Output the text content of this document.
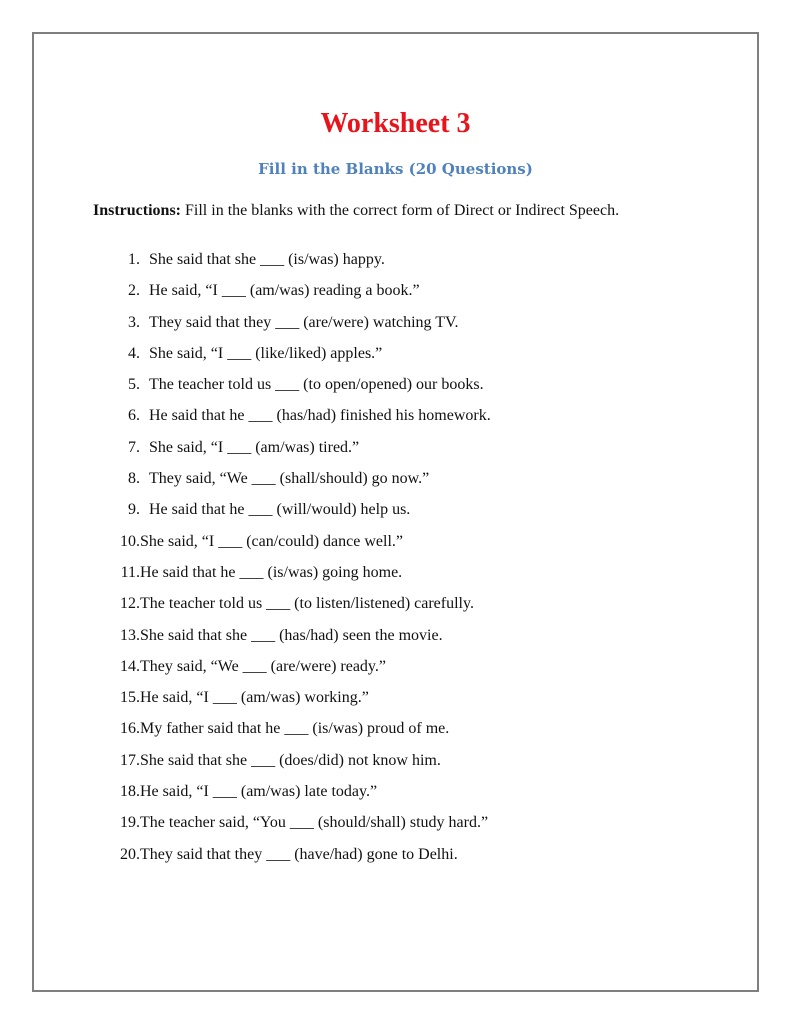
Worksheet 3
Fill in the Blanks (20 Questions)
Instructions: Fill in the blanks with the correct form of Direct or Indirect Speech.
1. She said that she ___ (is/was) happy.
2. He said, “I ___ (am/was) reading a book.”
3. They said that they ___ (are/were) watching TV.
4. She said, “I ___ (like/liked) apples.”
5. The teacher told us ___ (to open/opened) our books.
6. He said that he ___ (has/had) finished his homework.
7. She said, “I ___ (am/was) tired.”
8. They said, “We ___ (shall/should) go now.”
9. He said that he ___ (will/would) help us.
10. She said, “I ___ (can/could) dance well.”
11. He said that he ___ (is/was) going home.
12. The teacher told us ___ (to listen/listened) carefully.
13. She said that she ___ (has/had) seen the movie.
14. They said, “We ___ (are/were) ready.”
15. He said, “I ___ (am/was) working.”
16. My father said that he ___ (is/was) proud of me.
17. She said that she ___ (does/did) not know him.
18. He said, “I ___ (am/was) late today.”
19. The teacher said, “You ___ (should/shall) study hard.”
20. They said that they ___ (have/had) gone to Delhi.
